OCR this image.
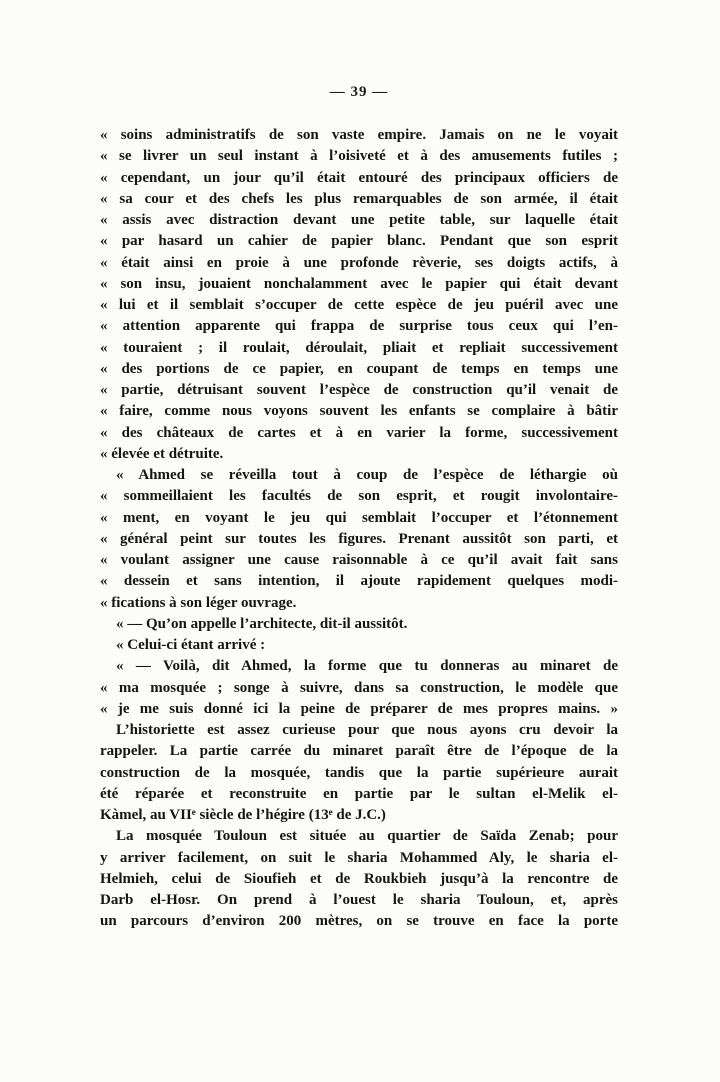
— 39 —
« soins administratifs de son vaste empire. Jamais on ne le voyait
« se livrer un seul instant à l’oisiveté et à des amusements futiles ;
« cependant, un jour qu’il était entouré des principaux officiers de
« sa cour et des chefs les plus remarquables de son armée, il était
« assis avec distraction devant une petite table, sur laquelle était
« par hasard un cahier de papier blanc. Pendant que son esprit
« était ainsi en proie à une profonde rèverie, ses doigts actifs, à
« son insu, jouaient nonchalamment avec le papier qui était devant
« lui et il semblait s’occuper de cette espèce de jeu puéril avec une
« attention apparente qui frappa de surprise tous ceux qui l’en-
« touraient ; il roulait, déroulait, pliait et repliait successivement
« des portions de ce papier, en coupant de temps en temps une
« partie, détruisant souvent l’espèce de construction qu’il venait de
« faire, comme nous voyons souvent les enfants se complaire à bâtir
« des châteaux de cartes et à en varier la forme, successivement
« élevée et détruite.
« Ahmed se réveilla tout à coup de l’espèce de léthargie où
« sommeillaient les facultés de son esprit, et rougit involontaire-
« ment, en voyant le jeu qui semblait l’occuper et l’étonnement
« général peint sur toutes les figures. Prenant aussitôt son parti, et
« voulant assigner une cause raisonnable à ce qu’il avait fait sans
« dessein et sans intention, il ajoute rapidement quelques modi-
« fications à son léger ouvrage.
« — Qu’on appelle l’architecte, dit-il aussitôt.
« Celui-ci étant arrivé :
« — Voilà, dit Ahmed, la forme que tu donneras au minaret de
« ma mosquée ; songe à suivre, dans sa construction, le modèle que
« je me suis donné ici la peine de préparer de mes propres mains. »
L’historiette est assez curieuse pour que nous ayons cru devoir la
rappeler. La partie carrée du minaret paraît être de l’époque de la
construction de la mosquée, tandis que la partie supérieure aurait
été réparée et reconstruite en partie par le sultan el-Melik el-
Kàmel, au VIIᵉ siècle de l’hégire (13ᵉ de J.C.)
La mosquée Touloun est située au quartier de Saïda Zenab; pour
y arriver facilement, on suit le sharia Mohammed Aly, le sharia el-
Helmieh, celui de Sioufieh et de Roukbieh jusqu’à la rencontre de
Darb el-Hosr. On prend à l’ouest le sharia Touloun, et, après
un parcours d’environ 200 mètres, on se trouve en face la porte
